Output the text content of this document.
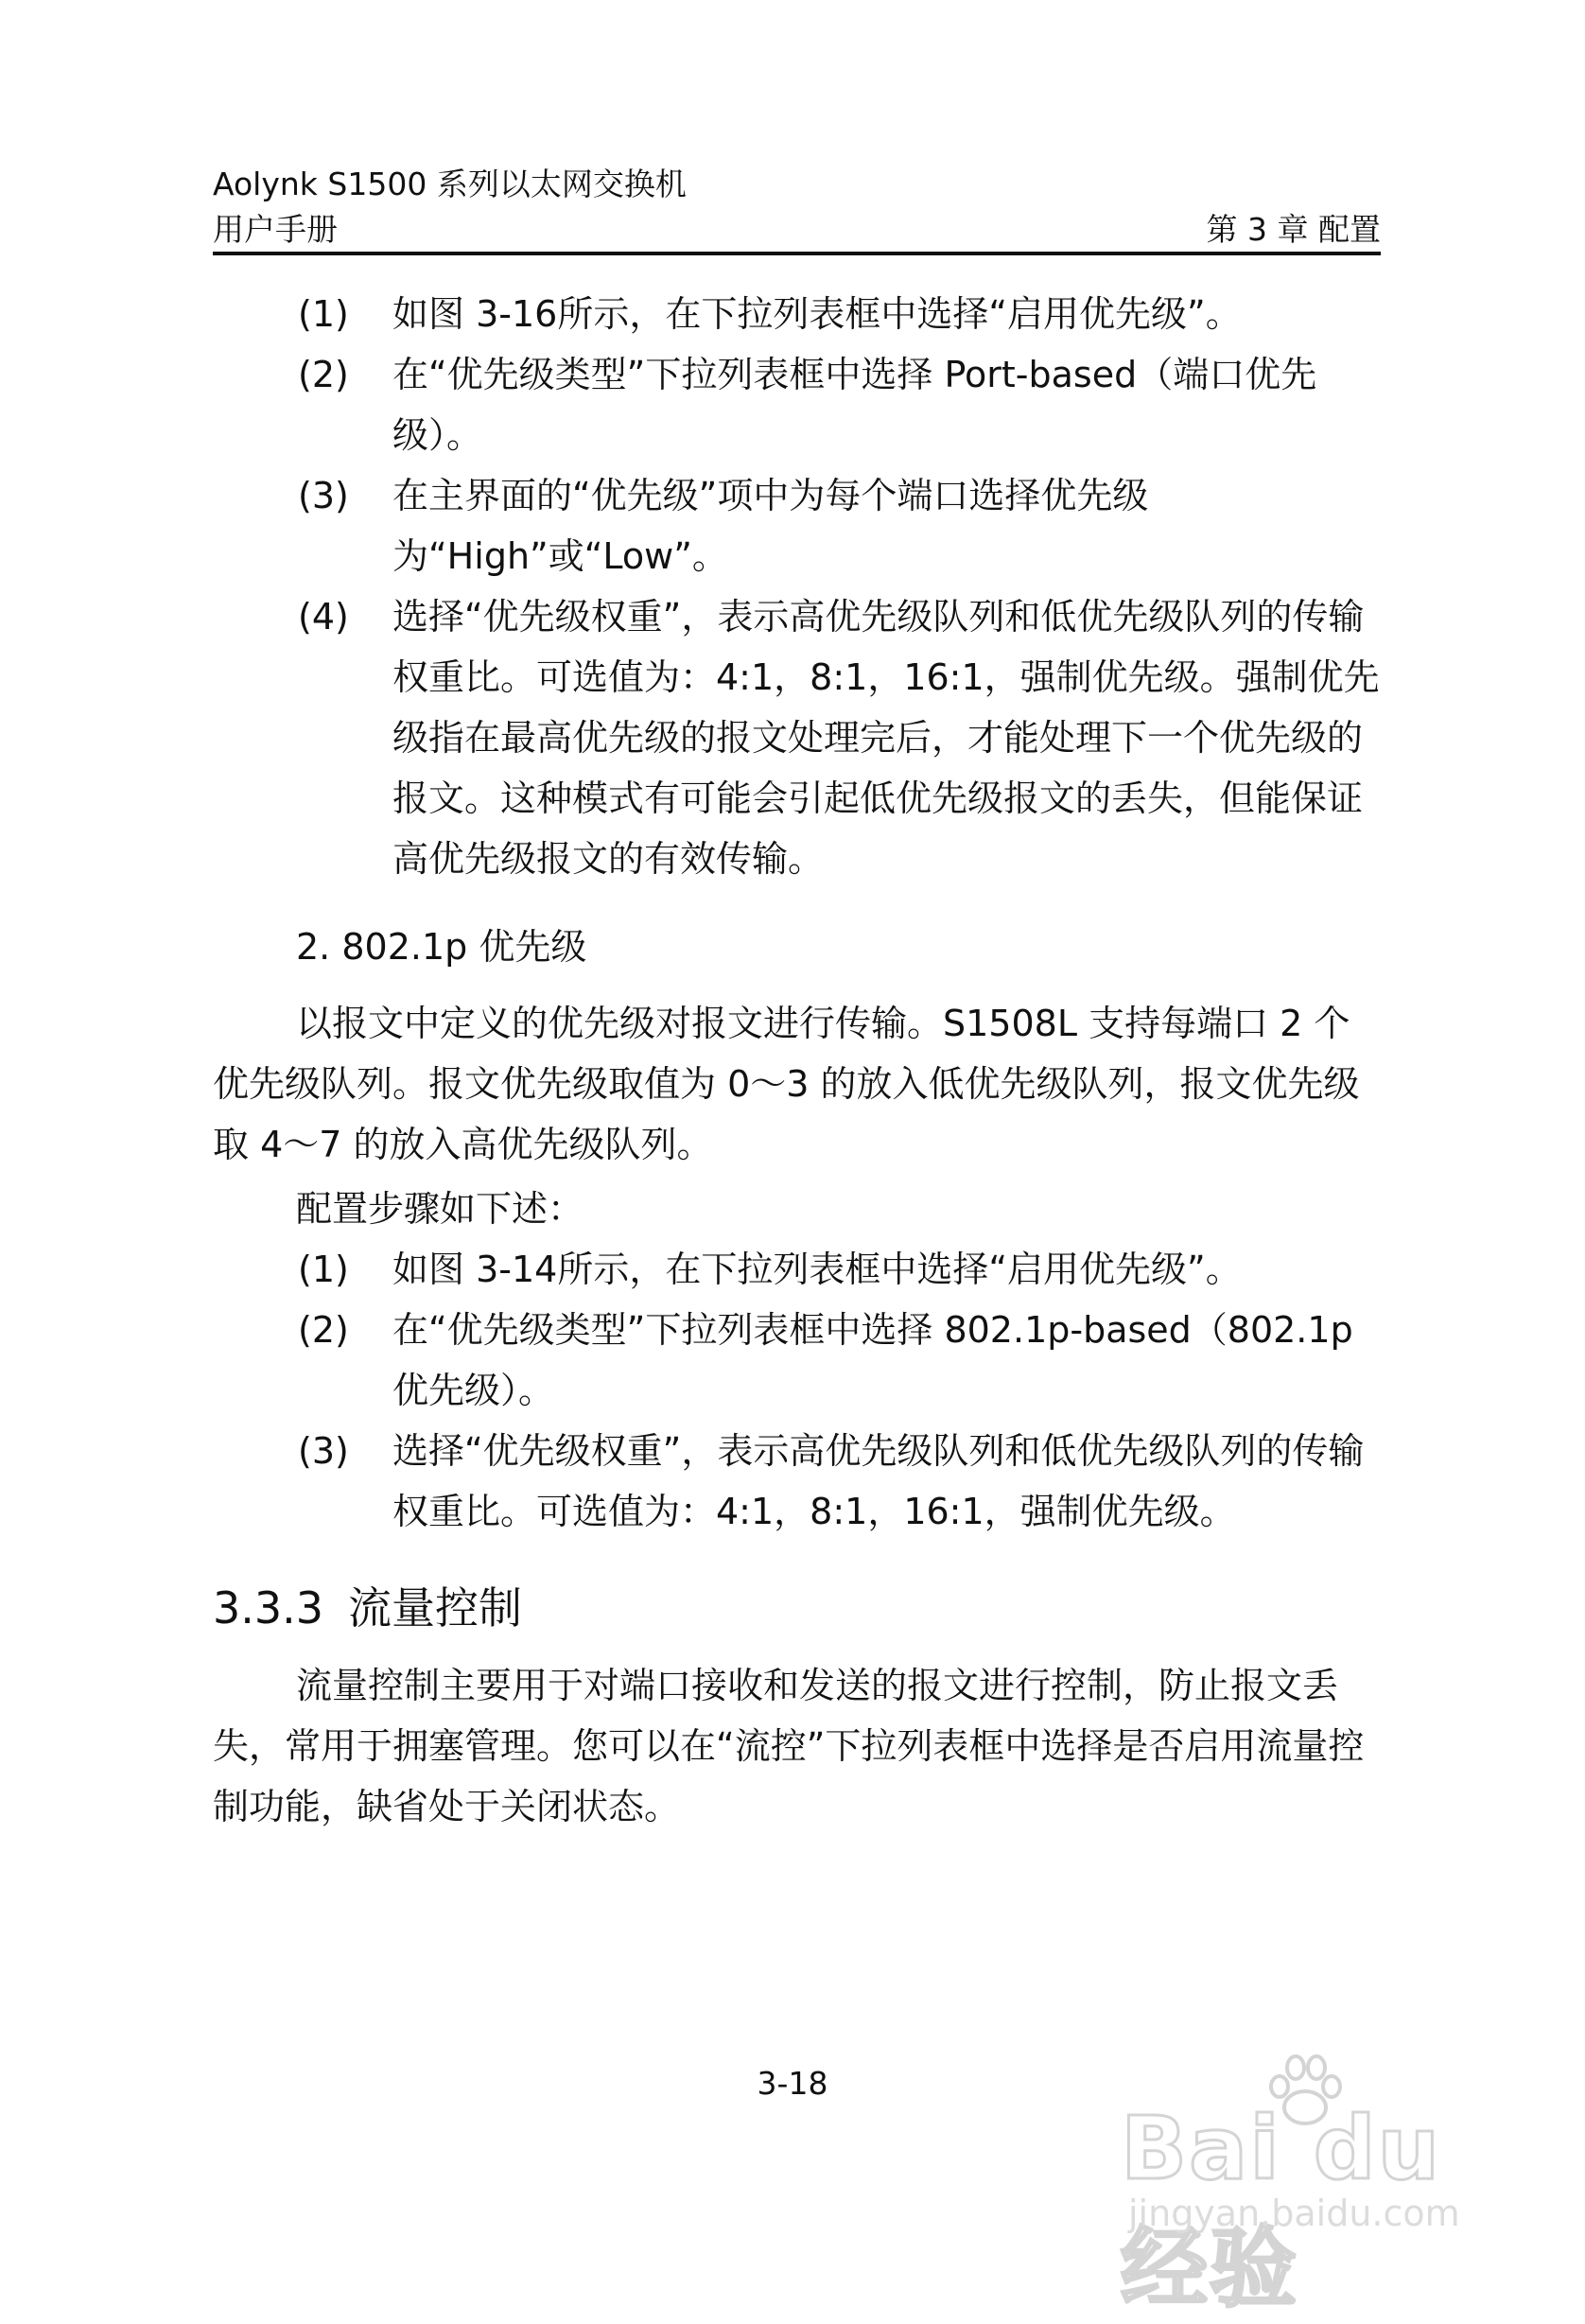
Aolynk S1500 系列以太网交换机
用户手册	第 3 章 配置
(1) 如图 3-16所示，在下拉列表框中选择“启用优先级”。
(2) 在“优先级类型”下拉列表框中选择 Port-based（端口优先级）。
(3) 在主界面的“优先级”项中为每个端口选择优先级为“High”或“Low”。
(4) 选择“优先级权重”，表示高优先级队列和低优先级队列的传输权重比。可选值为：4:1，8:1，16:1，强制优先级。强制优先级指在最高优先级的报文处理完后，才能处理下一个优先级的报文。这种模式有可能会引起低优先级报文的丢失，但能保证高优先级报文的有效传输。
2. 802.1p 优先级

以报文中定义的优先级对报文进行传输。S1508L 支持每端口 2 个优先级队列。报文优先级取值为 0～3 的放入低优先级队列，报文优先级取 4～7 的放入高优先级队列。

配置步骤如下述：
(1) 如图 3-14所示，在下拉列表框中选择“启用优先级”。
(2) 在“优先级类型”下拉列表框中选择 802.1p-based（802.1p 优先级）。
(3) 选择“优先级权重”，表示高优先级队列和低优先级队列的传输权重比。可选值为：4:1，8:1，16:1，强制优先级。
3.3.3 流量控制

流量控制主要用于对端口接收和发送的报文进行控制，防止报文丢失，常用于拥塞管理。您可以在“流控”下拉列表框中选择是否启用流量控制功能，缺省处于关闭状态。

3-18
Bai du 经验
jingyan.baidu.com
